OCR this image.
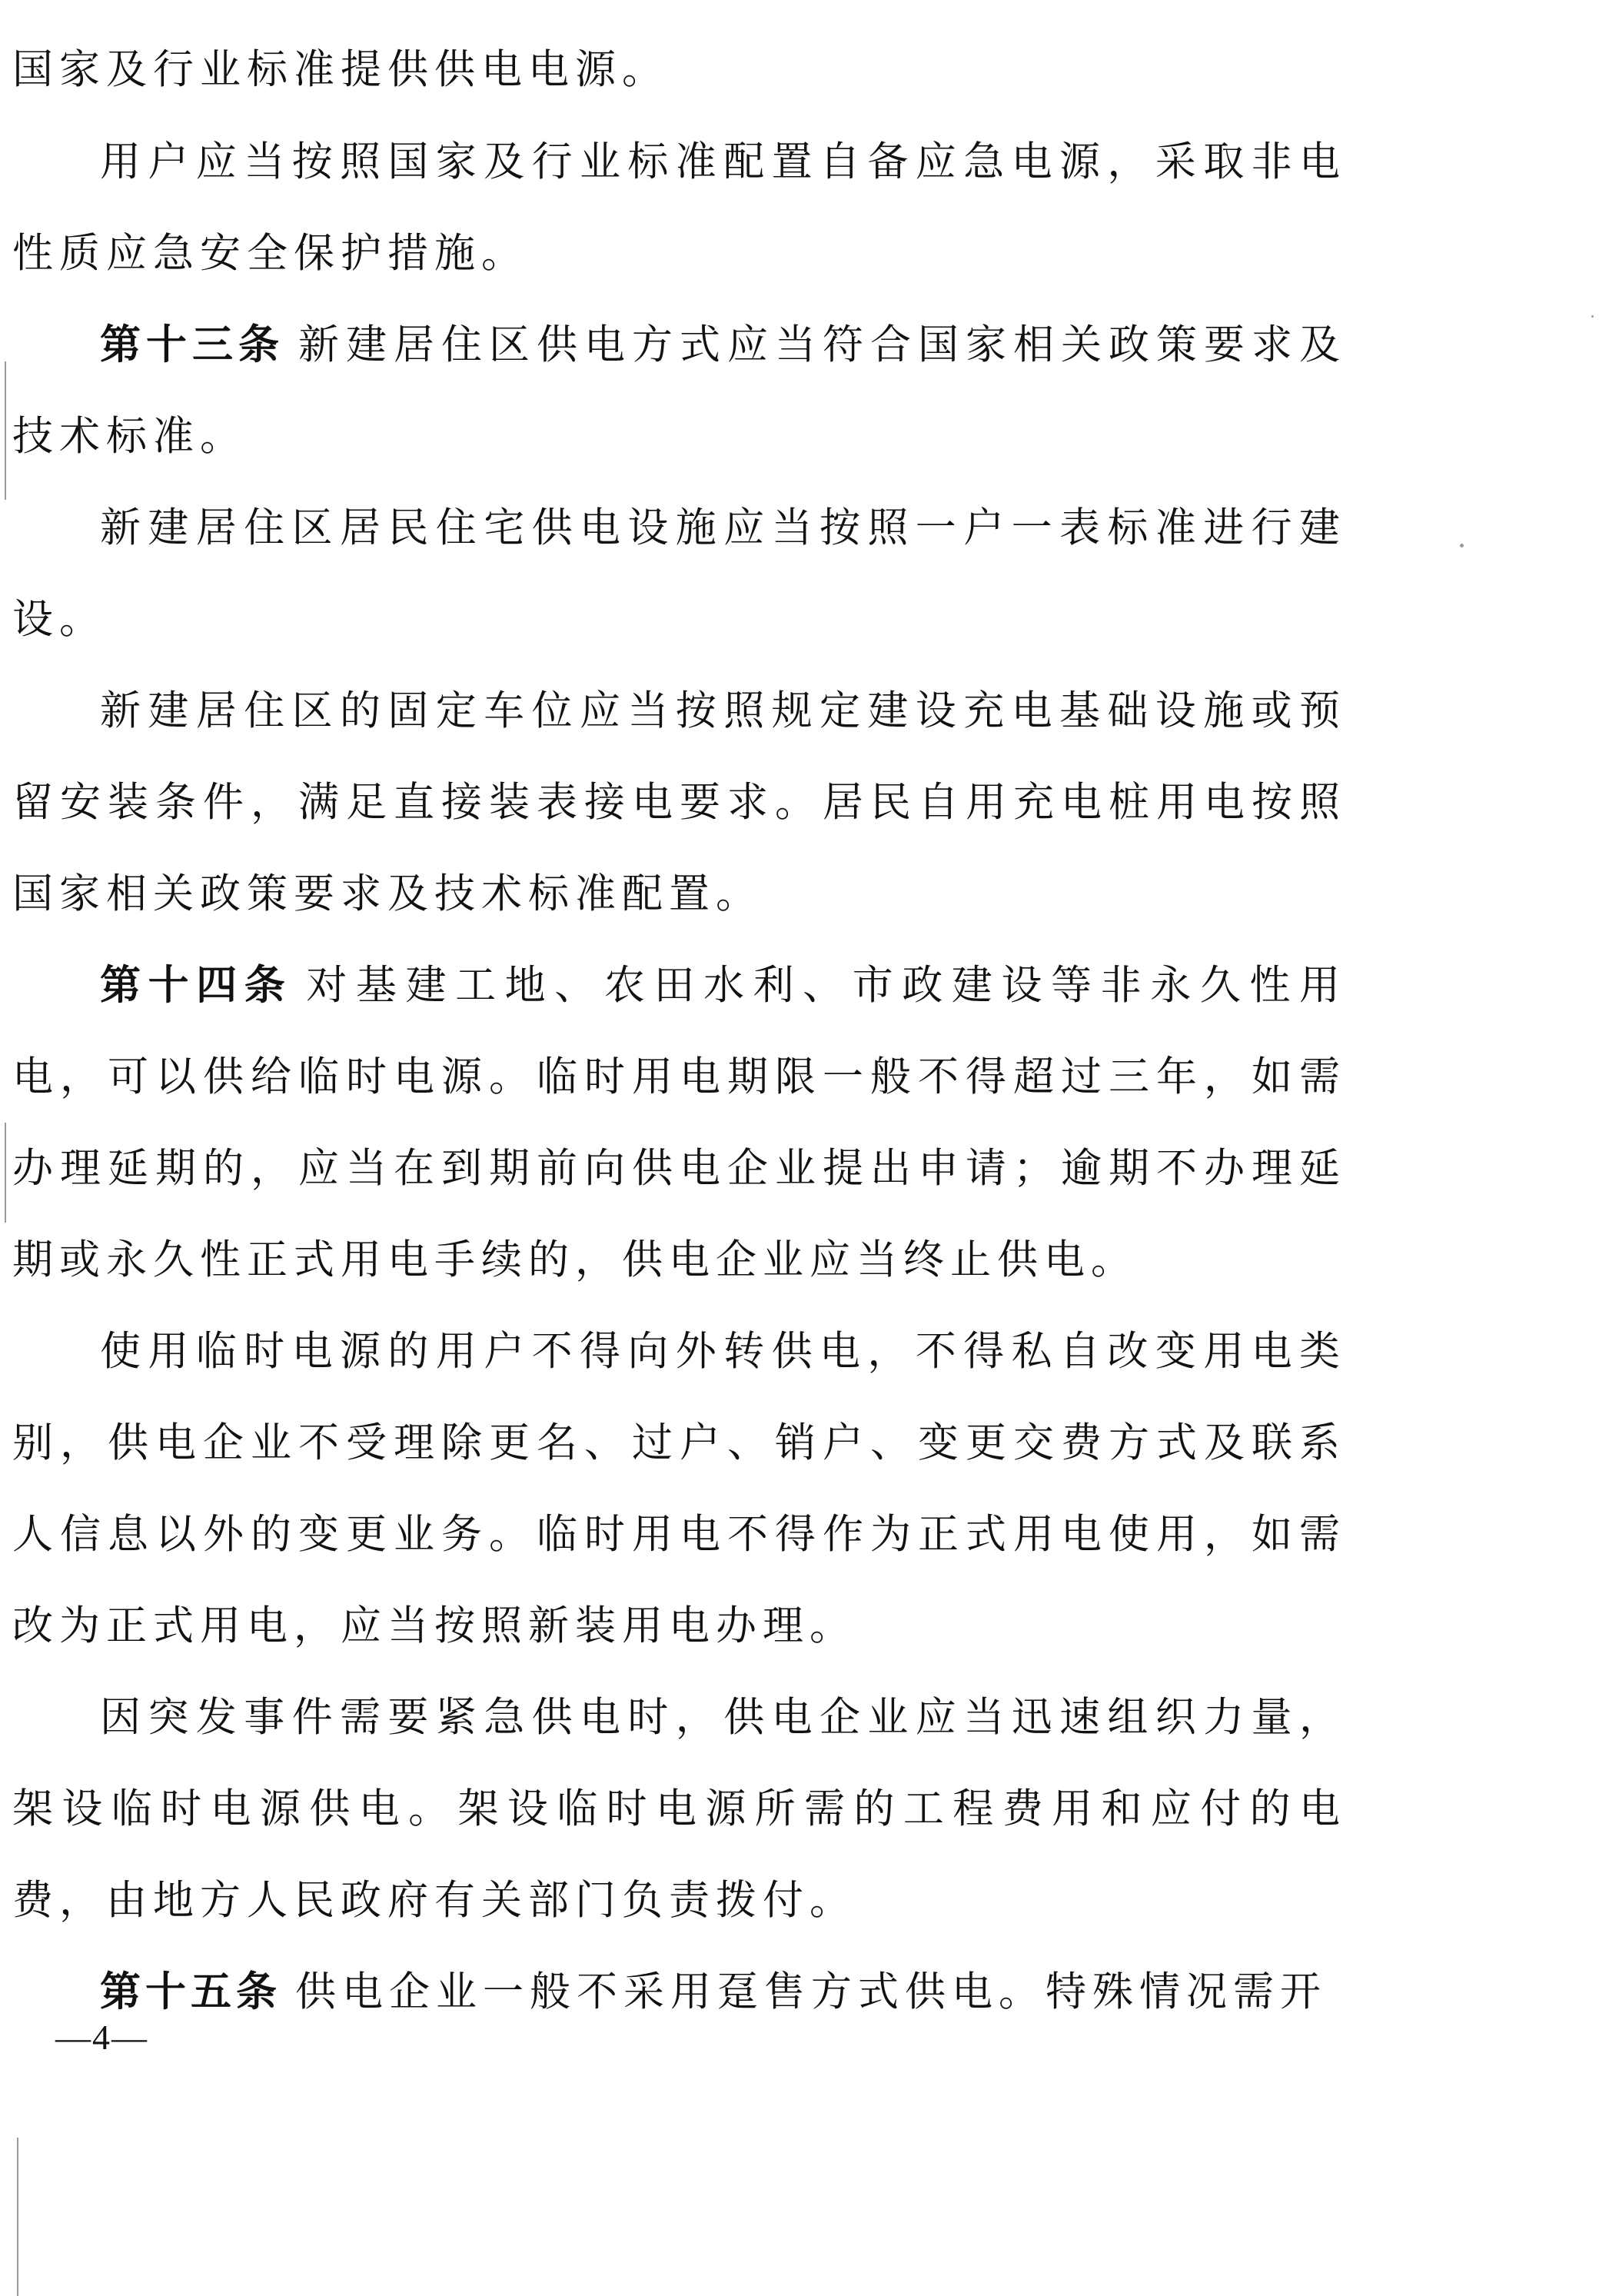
国家及行业标准提供供电电源。

用户应当按照国家及行业标准配置自备应急电源，采取非电性质应急安全保护措施。

第十三条 新建居住区供电方式应当符合国家相关政策要求及技术标准。

新建居住区居民住宅供电设施应当按照一户一表标准进行建设。

新建居住区的固定车位应当按照规定建设充电基础设施或预留安装条件，满足直接装表接电要求。居民自用充电桩用电按照国家相关政策要求及技术标准配置。

第十四条 对基建工地、农田水利、市政建设等非永久性用电，可以供给临时电源。临时用电期限一般不得超过三年，如需办理延期的，应当在到期前向供电企业提出申请；逾期不办理延期或永久性正式用电手续的，供电企业应当终止供电。

使用临时电源的用户不得向外转供电，不得私自改变用电类别，供电企业不受理除更名、过户、销户、变更交费方式及联系人信息以外的变更业务。临时用电不得作为正式用电使用，如需改为正式用电，应当按照新装用电办理。

因突发事件需要紧急供电时，供电企业应当迅速组织力量，架设临时电源供电。架设临时电源所需的工程费用和应付的电费，由地方人民政府有关部门负责拨付。

第十五条 供电企业一般不采用趸售方式供电。特殊情况需开

—4—
